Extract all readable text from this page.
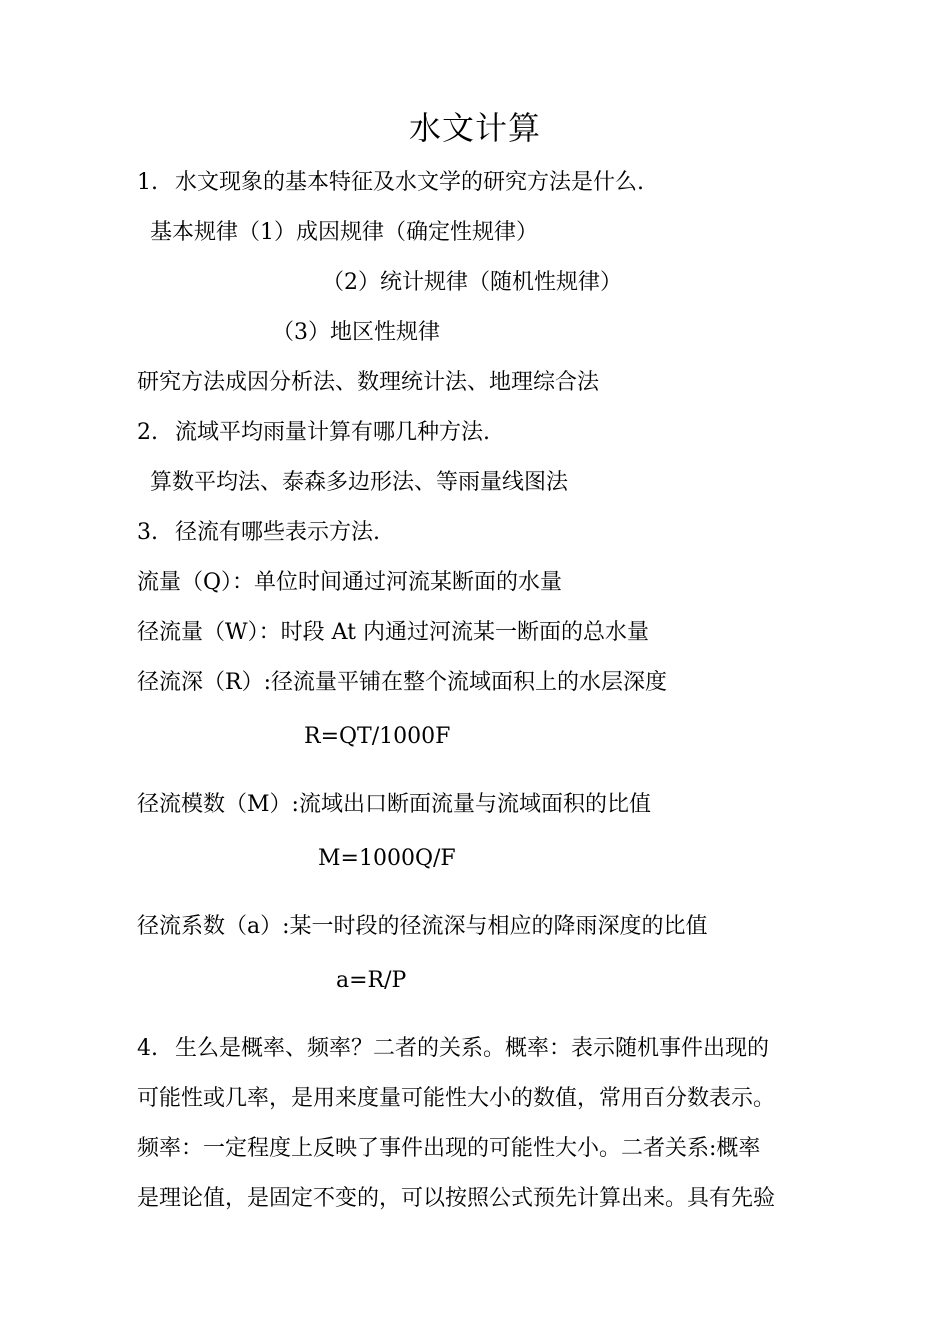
水文计算
1. 水文现象的基本特征及水文学的研究方法是什么.
基本规律（1）成因规律（确定性规律）
（2）统计规律（随机性规律）
（3）地区性规律
研究方法成因分析法、数理统计法、地理综合法
2. 流域平均雨量计算有哪几种方法.
算数平均法、泰森多边形法、等雨量线图法
3. 径流有哪些表示方法.
流量（Q）：单位时间通过河流某断面的水量
径流量（W）：时段 At 内通过河流某一断面的总水量
径流深（R）:径流量平铺在整个流域面积上的水层深度
R=QT/1000F
径流模数（M）:流域出口断面流量与流域面积的比值
M=1000Q/F
径流系数（a）:某一时段的径流深与相应的降雨深度的比值
a=R/P
4. 生么是概率、频率？二者的关系。概率：表示随机事件出现的
可能性或几率，是用来度量可能性大小的数值，常用百分数表示。
频率：一定程度上反映了事件出现的可能性大小。二者关系:概率
是理论值，是固定不变的，可以按照公式预先计算出来。具有先验
